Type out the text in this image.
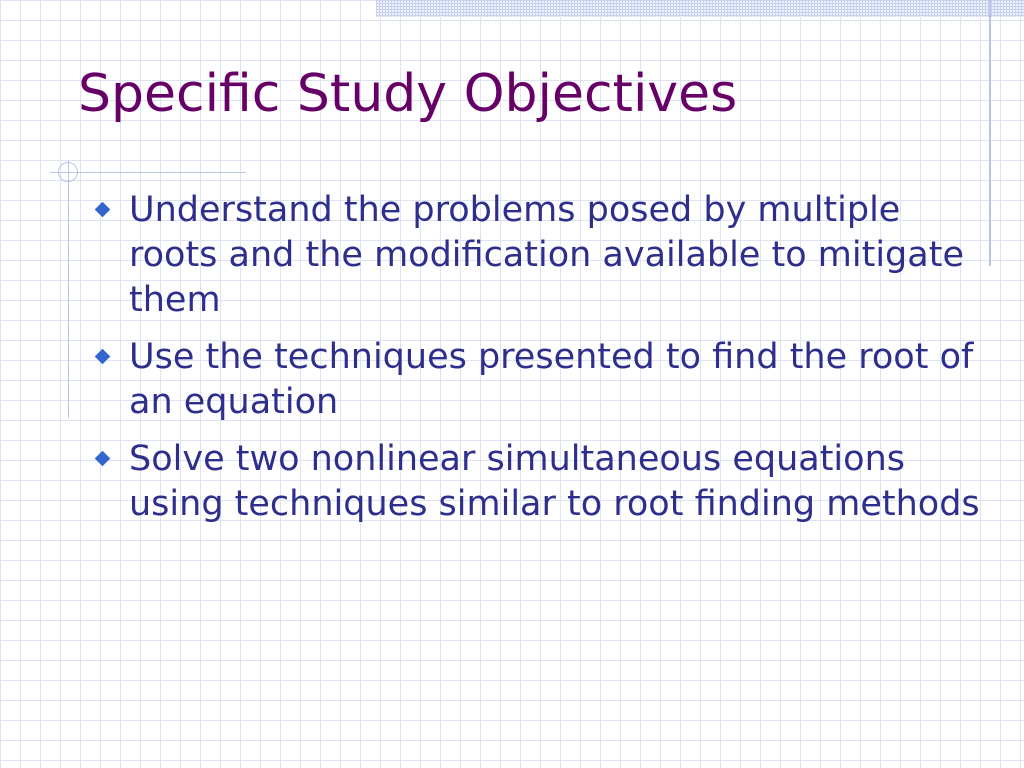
Specific Study Objectives
Understand the problems posed by multiple roots and the modification available to mitigate them
Use the techniques presented to find the root of an equation
Solve two nonlinear simultaneous equations using techniques similar to root finding methods
